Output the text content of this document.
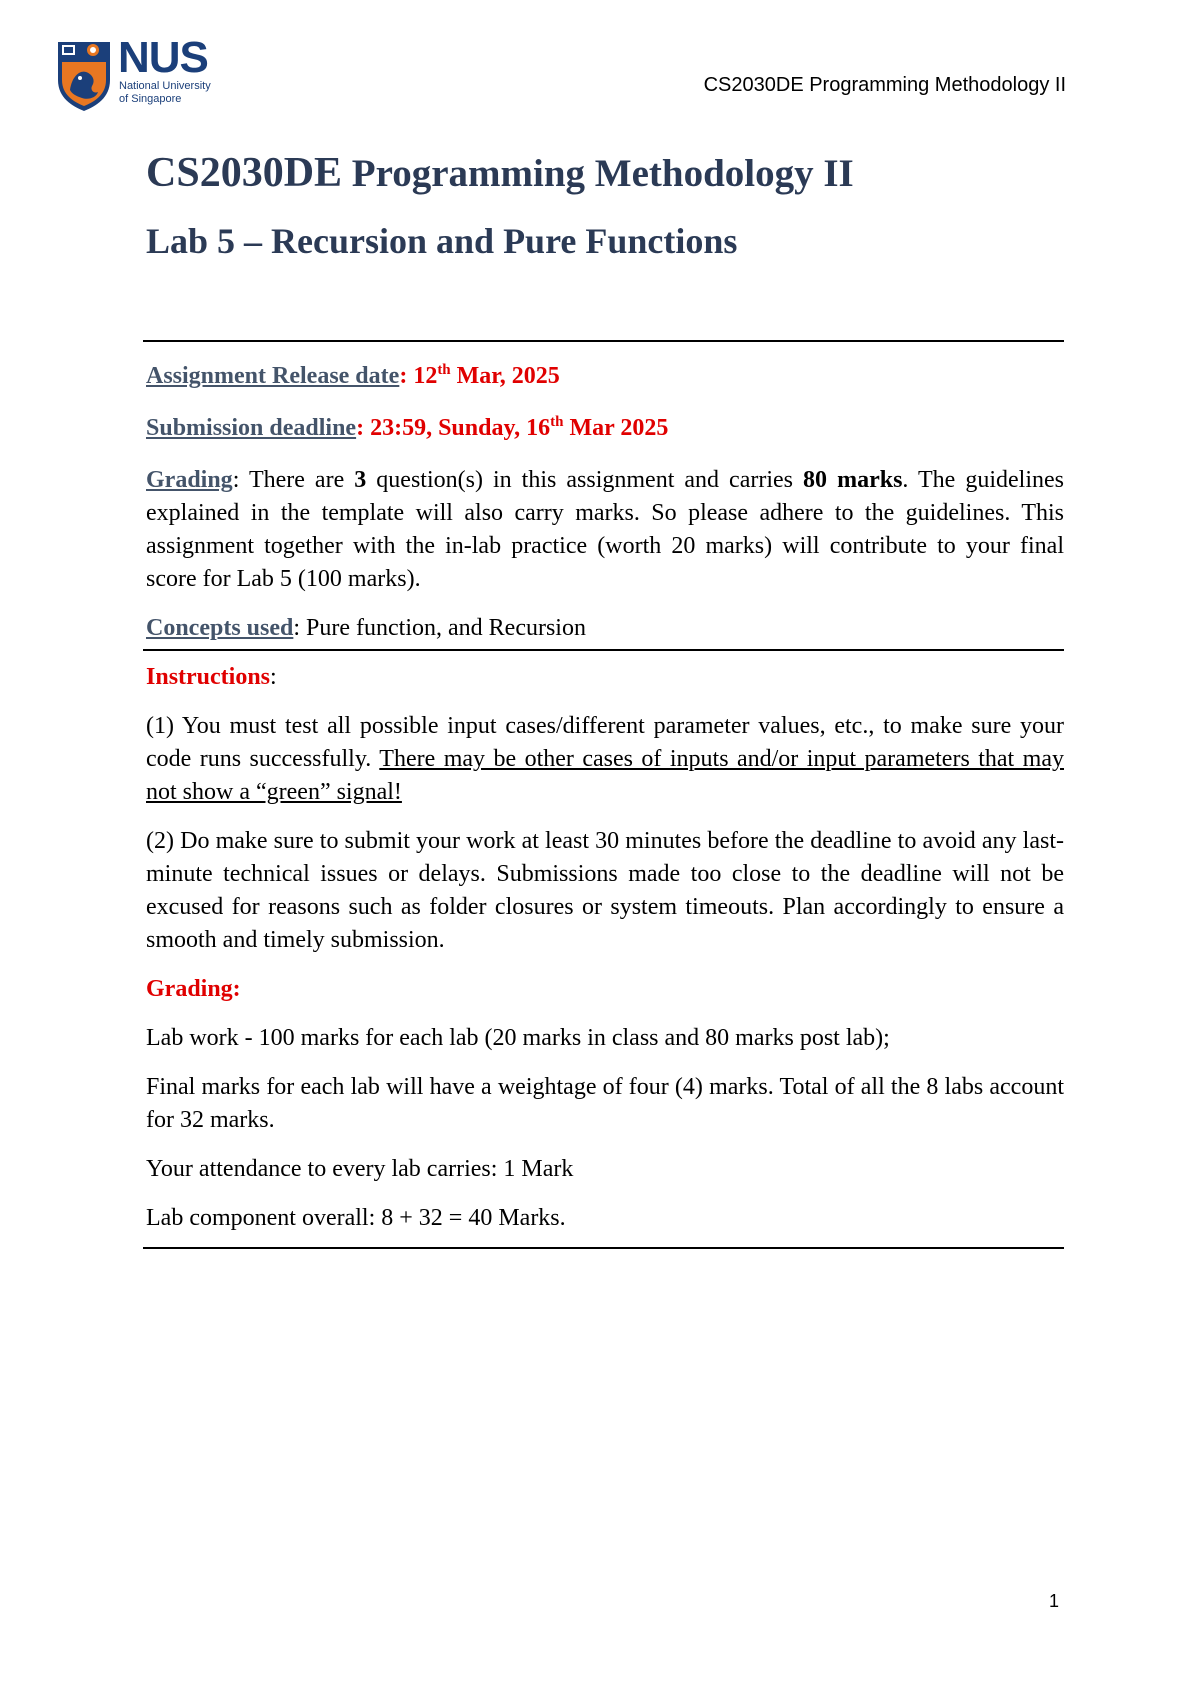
NUS
National University
of Singapore
CS2030DE Programming Methodology II
CS2030DE Programming Methodology II
Lab 5 – Recursion and Pure Functions

Assignment Release date: 12th Mar, 2025

Submission deadline: 23:59, Sunday, 16th Mar 2025

Grading: There are 3 question(s) in this assignment and carries 80 marks. The guidelines explained in the template will also carry marks. So please adhere to the guidelines. This assignment together with the in-lab practice (worth 20 marks) will contribute to your final score for Lab 5 (100 marks).

Concepts used: Pure function, and Recursion

Instructions:

(1) You must test all possible input cases/different parameter values, etc., to make sure your code runs successfully. There may be other cases of inputs and/or input parameters that may not show a “green” signal!

(2) Do make sure to submit your work at least 30 minutes before the deadline to avoid any last-minute technical issues or delays. Submissions made too close to the deadline will not be excused for reasons such as folder closures or system timeouts. Plan accordingly to ensure a smooth and timely submission.

Grading:

Lab work - 100 marks for each lab (20 marks in class and 80 marks post lab);

Final marks for each lab will have a weightage of four (4) marks. Total of all the 8 labs account for 32 marks.

Your attendance to every lab carries: 1 Mark

Lab component overall: 8 + 32 = 40 Marks.

1
